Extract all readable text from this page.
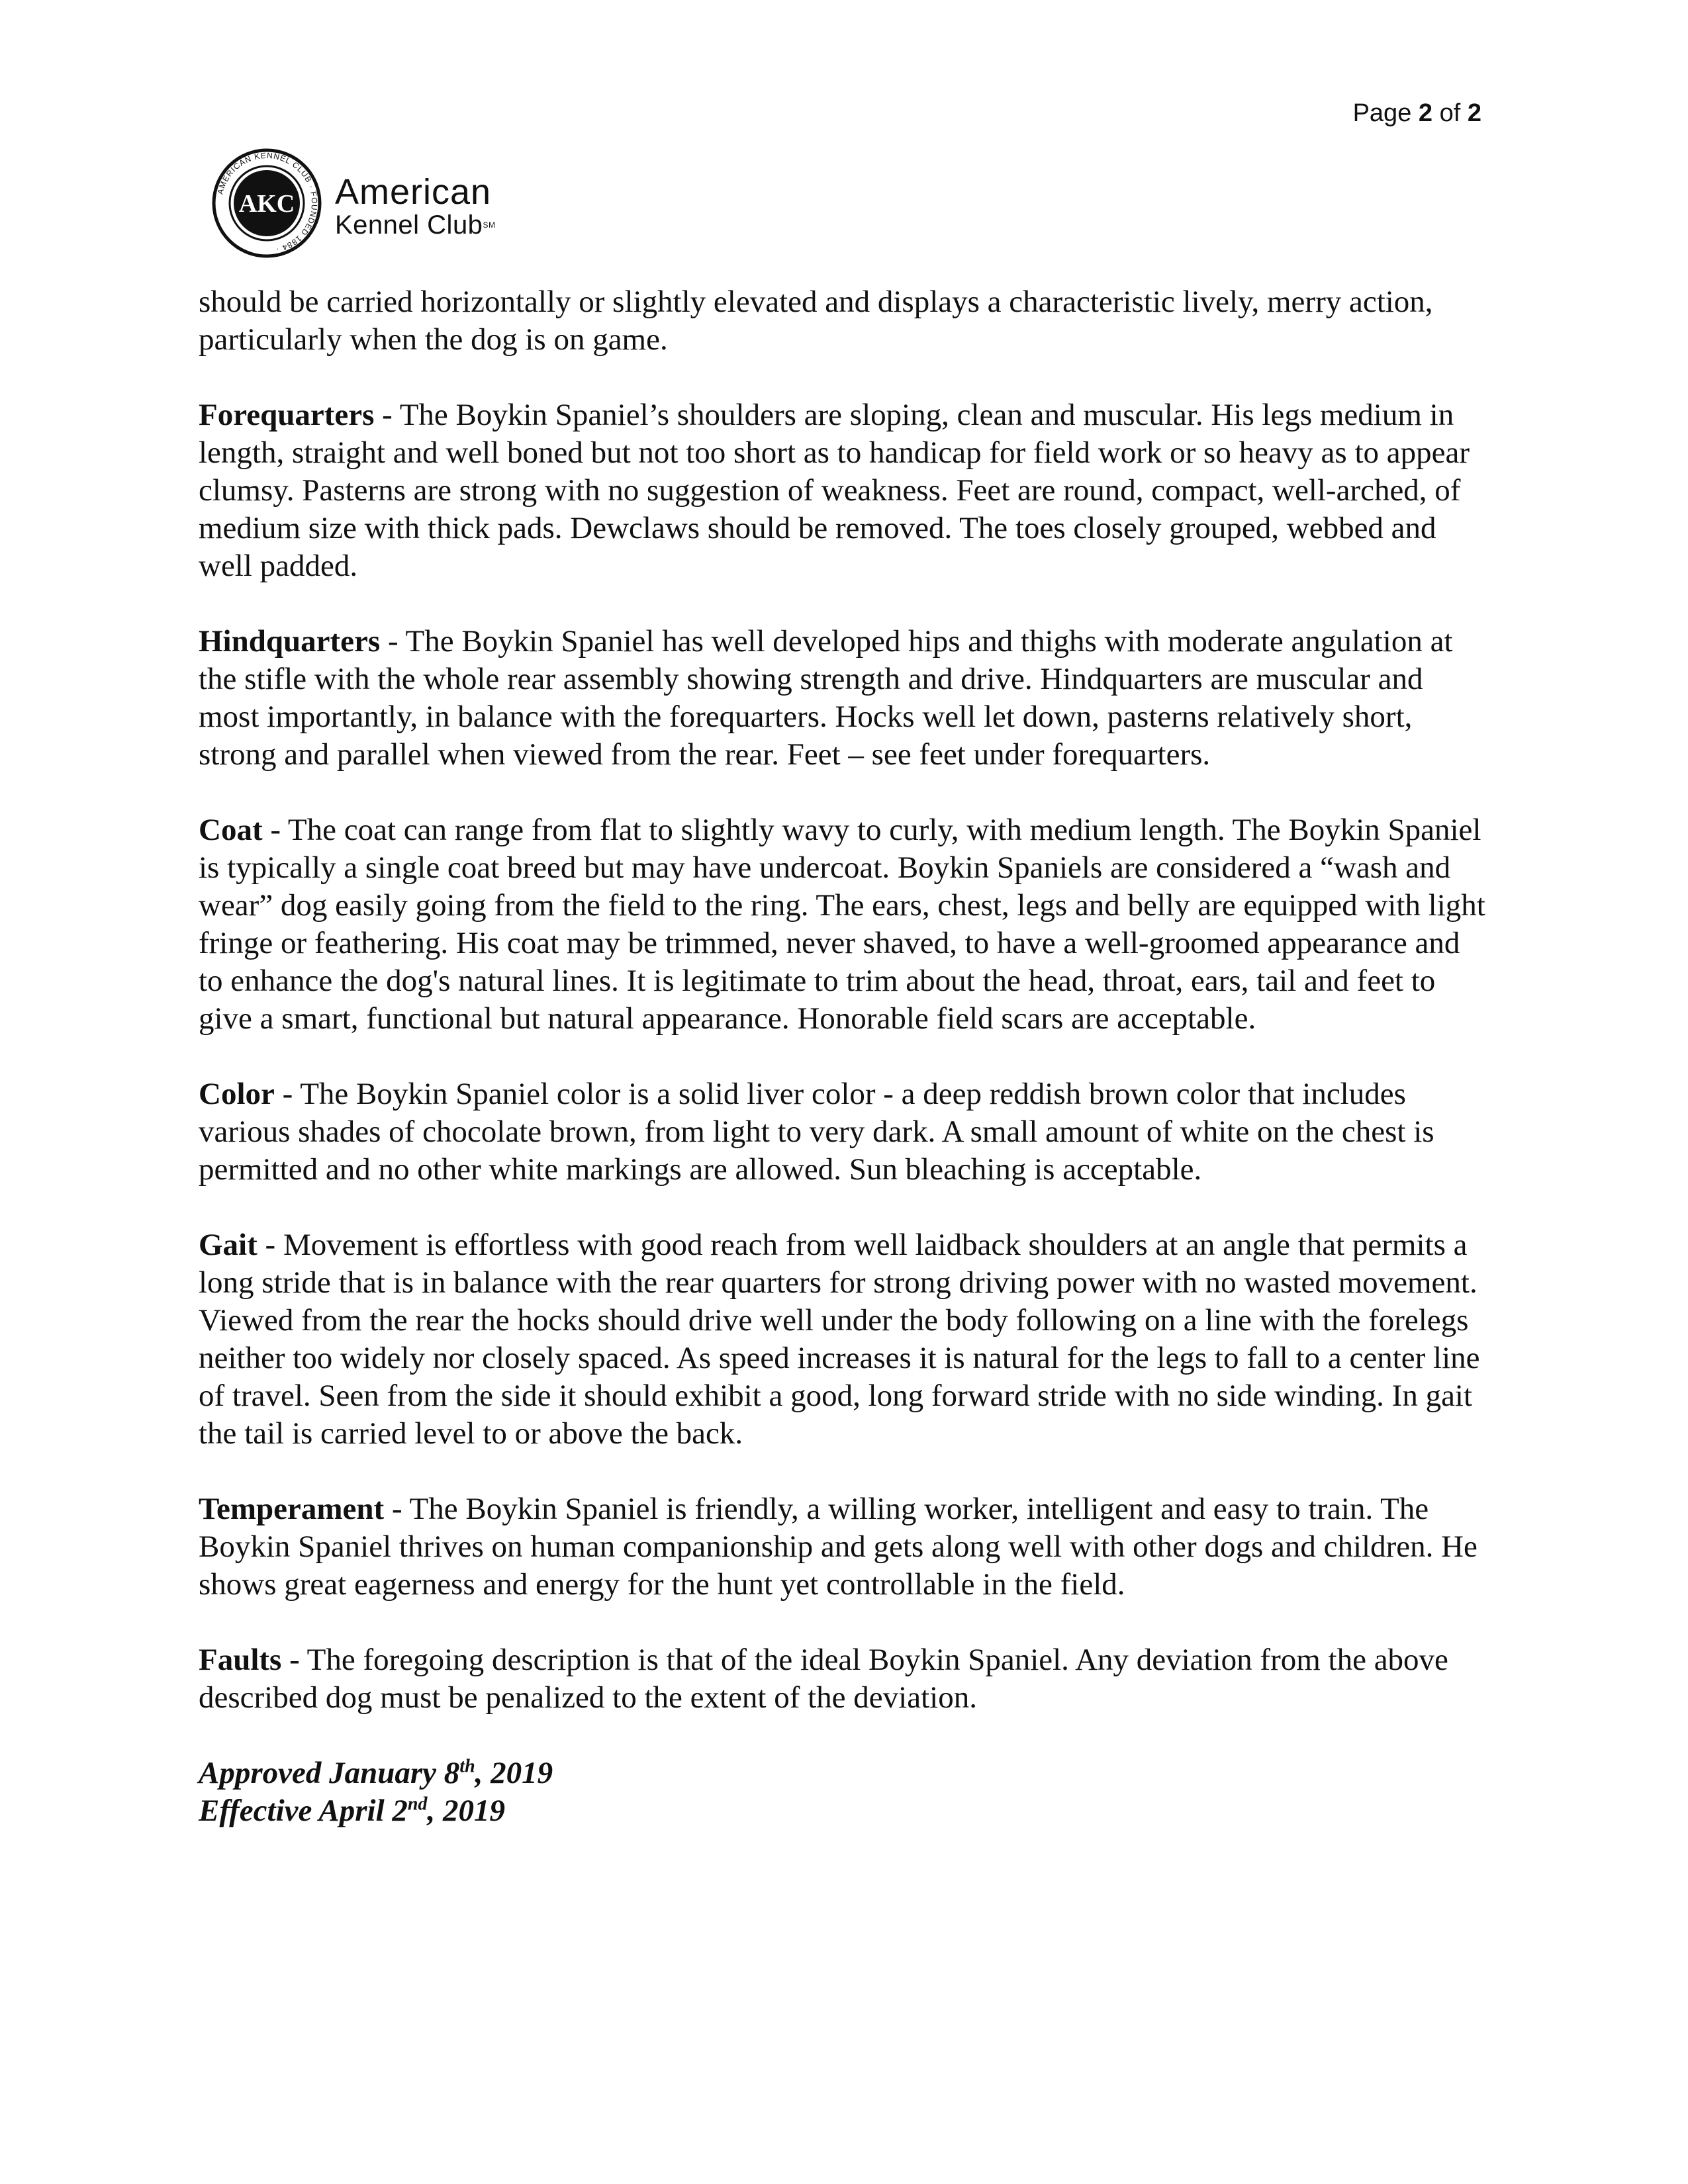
Page 2 of 2
AKC
AMERICAN KENNEL CLUB · FOUNDED 1884 ·
American
Kennel Club℠

should be carried horizontally or slightly elevated and displays a characteristic lively, merry action, particularly when the dog is on game.

Forequarters - The Boykin Spaniel’s shoulders are sloping, clean and muscular. His legs medium in length, straight and well boned but not too short as to handicap for field work or so heavy as to appear clumsy. Pasterns are strong with no suggestion of weakness. Feet are round, compact, well-arched, of medium size with thick pads. Dewclaws should be removed. The toes closely grouped, webbed and well padded.

Hindquarters - The Boykin Spaniel has well developed hips and thighs with moderate angulation at the stifle with the whole rear assembly showing strength and drive. Hindquarters are muscular and most importantly, in balance with the forequarters. Hocks well let down, pasterns relatively short, strong and parallel when viewed from the rear. Feet – see feet under forequarters.

Coat - The coat can range from flat to slightly wavy to curly, with medium length. The Boykin Spaniel is typically a single coat breed but may have undercoat. Boykin Spaniels are considered a “wash and wear” dog easily going from the field to the ring. The ears, chest, legs and belly are equipped with light fringe or feathering. His coat may be trimmed, never shaved, to have a well-groomed appearance and to enhance the dog's natural lines. It is legitimate to trim about the head, throat, ears, tail and feet to give a smart, functional but natural appearance. Honorable field scars are acceptable.

Color - The Boykin Spaniel color is a solid liver color - a deep reddish brown color that includes various shades of chocolate brown, from light to very dark. A small amount of white on the chest is permitted and no other white markings are allowed. Sun bleaching is acceptable.

Gait - Movement is effortless with good reach from well laidback shoulders at an angle that permits a long stride that is in balance with the rear quarters for strong driving power with no wasted movement. Viewed from the rear the hocks should drive well under the body following on a line with the forelegs neither too widely nor closely spaced. As speed increases it is natural for the legs to fall to a center line of travel. Seen from the side it should exhibit a good, long forward stride with no side winding. In gait the tail is carried level to or above the back.

Temperament - The Boykin Spaniel is friendly, a willing worker, intelligent and easy to train. The Boykin Spaniel thrives on human companionship and gets along well with other dogs and children. He shows great eagerness and energy for the hunt yet controllable in the field.

Faults - The foregoing description is that of the ideal Boykin Spaniel. Any deviation from the above described dog must be penalized to the extent of the deviation.

Approved January 8th, 2019
Effective April 2nd, 2019
